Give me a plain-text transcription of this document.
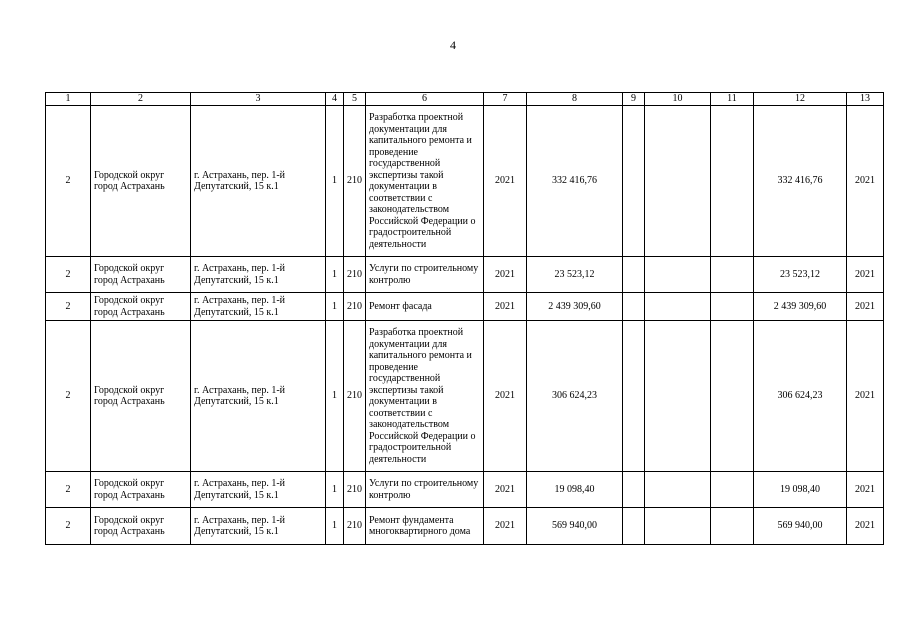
4
1	2	3	4	5	6	7	8	9	10	11	12	13
2	Городской округ город Астрахань	г. Астрахань, пер. 1-й Депутатский, 15 к.1	1	210	Разработка проектной документации для капитального ремонта и проведение государственной экспертизы такой документации в соответствии с законодательством Российской Федерации о градостроительной деятельности	2021	332 416,76				332 416,76	2021
2	Городской округ город Астрахань	г. Астрахань, пер. 1-й Депутатский, 15 к.1	1	210	Услуги по строительному контролю	2021	23 523,12				23 523,12	2021
2	Городской округ город Астрахань	г. Астрахань, пер. 1-й Депутатский, 15 к.1	1	210	Ремонт фасада	2021	2 439 309,60				2 439 309,60	2021
2	Городской округ город Астрахань	г. Астрахань, пер. 1-й Депутатский, 15 к.1	1	210	Разработка проектной документации для капитального ремонта и проведение государственной экспертизы такой документации в соответствии с законодательством Российской Федерации о градостроительной деятельности	2021	306 624,23				306 624,23	2021
2	Городской округ город Астрахань	г. Астрахань, пер. 1-й Депутатский, 15 к.1	1	210	Услуги по строительному контролю	2021	19 098,40				19 098,40	2021
2	Городской округ город Астрахань	г. Астрахань, пер. 1-й Депутатский, 15 к.1	1	210	Ремонт фундамента многоквартирного дома	2021	569 940,00				569 940,00	2021
